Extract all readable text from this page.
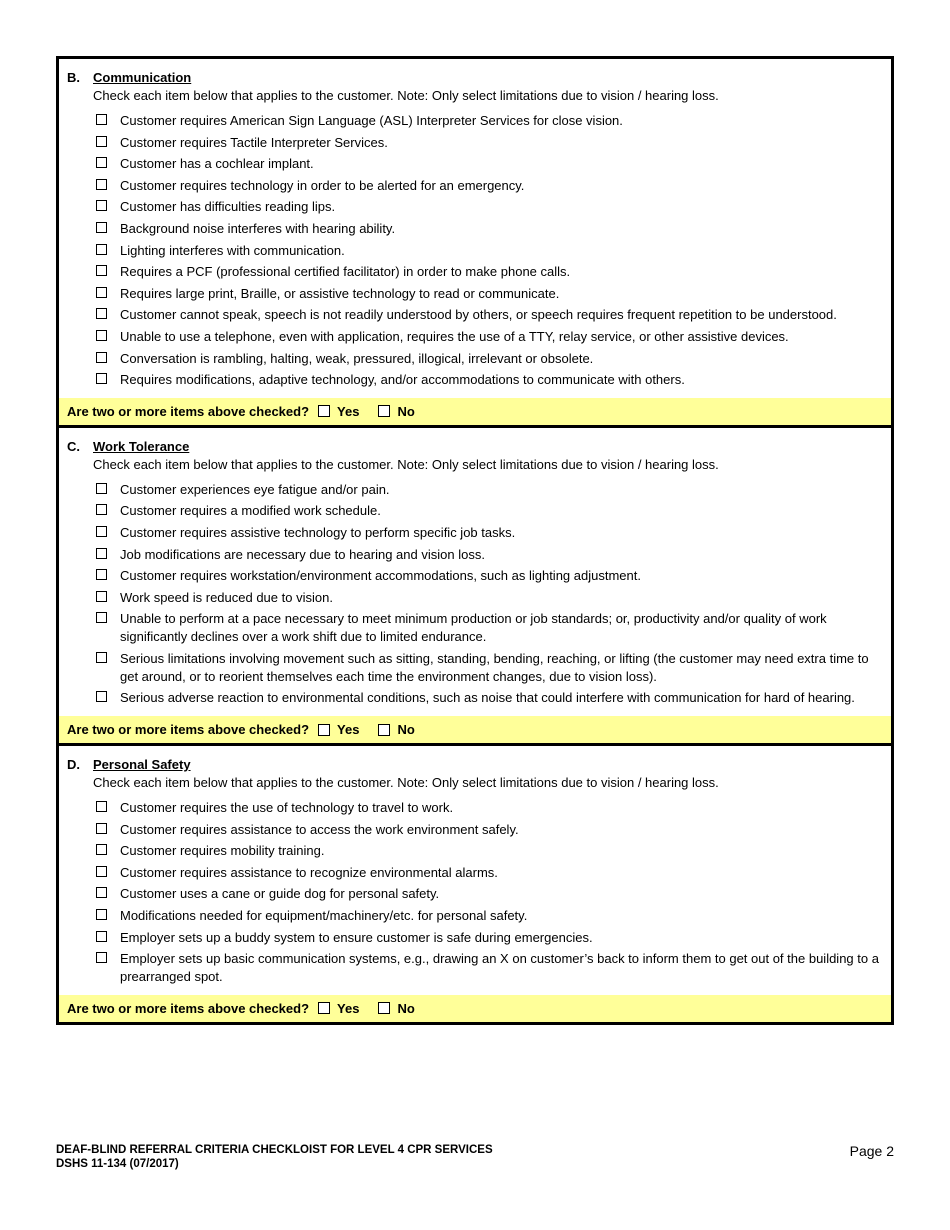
B.	Communication
Check each item below that applies to the customer. Note: Only select limitations due to vision / hearing loss.
Customer requires American Sign Language (ASL) Interpreter Services for close vision.
Customer requires Tactile Interpreter Services.
Customer has a cochlear implant.
Customer requires technology in order to be alerted for an emergency.
Customer has difficulties reading lips.
Background noise interferes with hearing ability.
Lighting interferes with communication.
Requires a PCF (professional certified facilitator) in order to make phone calls.
Requires large print, Braille, or assistive technology to read or communicate.
Customer cannot speak, speech is not readily understood by others, or speech requires frequent repetition to be understood.
Unable to use a telephone, even with application, requires the use of a TTY, relay service, or other assistive devices.
Conversation is rambling, halting, weak, pressured, illogical, irrelevant or obsolete.
Requires modifications, adaptive technology, and/or accommodations to communicate with others.
Are two or more items above checked? Yes	No
C.	Work Tolerance
Check each item below that applies to the customer. Note: Only select limitations due to vision / hearing loss.
Customer experiences eye fatigue and/or pain.
Customer requires a modified work schedule.
Customer requires assistive technology to perform specific job tasks.
Job modifications are necessary due to hearing and vision loss.
Customer requires workstation/environment accommodations, such as lighting adjustment.
Work speed is reduced due to vision.
Unable to perform at a pace necessary to meet minimum production or job standards; or, productivity and/or quality of work significantly declines over a work shift due to limited endurance.
Serious limitations involving movement such as sitting, standing, bending, reaching, or lifting (the customer may need extra time to get around, or to reorient themselves each time the environment changes, due to vision loss).
Serious adverse reaction to environmental conditions, such as noise that could interfere with communication for hard of hearing.
Are two or more items above checked? Yes	No
D.	Personal Safety
Check each item below that applies to the customer. Note: Only select limitations due to vision / hearing loss.
Customer requires the use of technology to travel to work.
Customer requires assistance to access the work environment safely.
Customer requires mobility training.
Customer requires assistance to recognize environmental alarms.
Customer uses a cane or guide dog for personal safety.
Modifications needed for equipment/machinery/etc. for personal safety.
Employer sets up a buddy system to ensure customer is safe during emergencies.
Employer sets up basic communication systems, e.g., drawing an X on customer’s back to inform them to get out of the building to a prearranged spot.
Are two or more items above checked? Yes	No
DEAF-BLIND REFERRAL CRITERIA CHECKLOIST FOR LEVEL 4 CPR SERVICES
DSHS 11-134 (07/2017)
Page 2
